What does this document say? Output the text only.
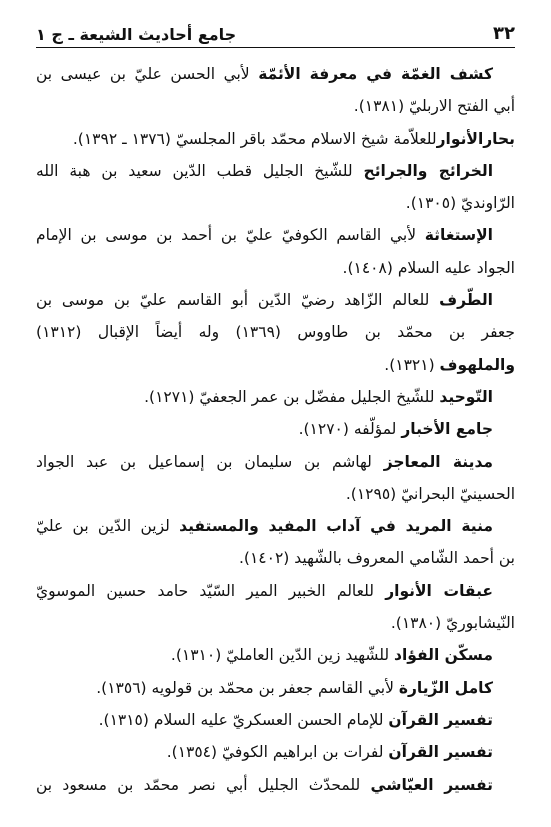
٣٢
جامع أحاديث الشيعة ـ ج ١
كشف الغمّة في معرفة الأئمّة لأبي الحسن عليّ بن عيسى بن
أبي الفتح الاربليّ (١٣٨١).
بحارالأنوارللعلاّمة شيخ الاسلام محمّد باقر المجلسيّ (١٣٧٦ ـ ١٣٩٢).
الخرائج والجرائح للشّيخ الجليل قطب الدّين سعيد بن هبة الله
الرّاونديّ (١٣٠٥).
الإستغاثة لأبي القاسم الكوفيّ عليّ بن أحمد بن موسى بن الإمام
الجواد عليه السلام (١٤٠٨).
الطّرف للعالم الزّاهد رضيّ الدّين أبو القاسم عليّ بن موسى بن
جعفر بن محمّد بن طاووس (١٣٦٩) وله أيضاً الإقبال (١٣١٢)
والملهوف (١٣٢١).
التّوحيد للشّيخ الجليل مفضّل بن عمر الجعفيّ (١٢٧١).
جامع الأخبار لمؤلّفه (١٢٧٠).
مدينة المعاجز لهاشم بن سليمان بن إسماعيل بن عبد الجواد
الحسينيّ البحرانيّ (١٢٩٥).
منية المريد في آداب المفيد والمستفيد لزين الدّين بن عليّ
بن أحمد الشّامي المعروف بالشّهيد (١٤٠٢).
عبقات الأنوار للعالم الخبير المير السّيّد حامد حسين الموسويّ
النّيشابوريّ (١٣٨٠).
مسكّن الفؤاد للشّهيد زين الدّين العامليّ (١٣١٠).
كامل الزّيارة لأبي القاسم جعفر بن محمّد بن قولويه (١٣٥٦).
تفسير القرآن للإمام الحسن العسكريّ عليه السلام (١٣١٥).
تفسير القرآن لفرات بن ابراهيم الكوفيّ (١٣٥٤).
تفسير العيّاشي للمحدّث الجليل أبي نصر محمّد بن مسعود بن
